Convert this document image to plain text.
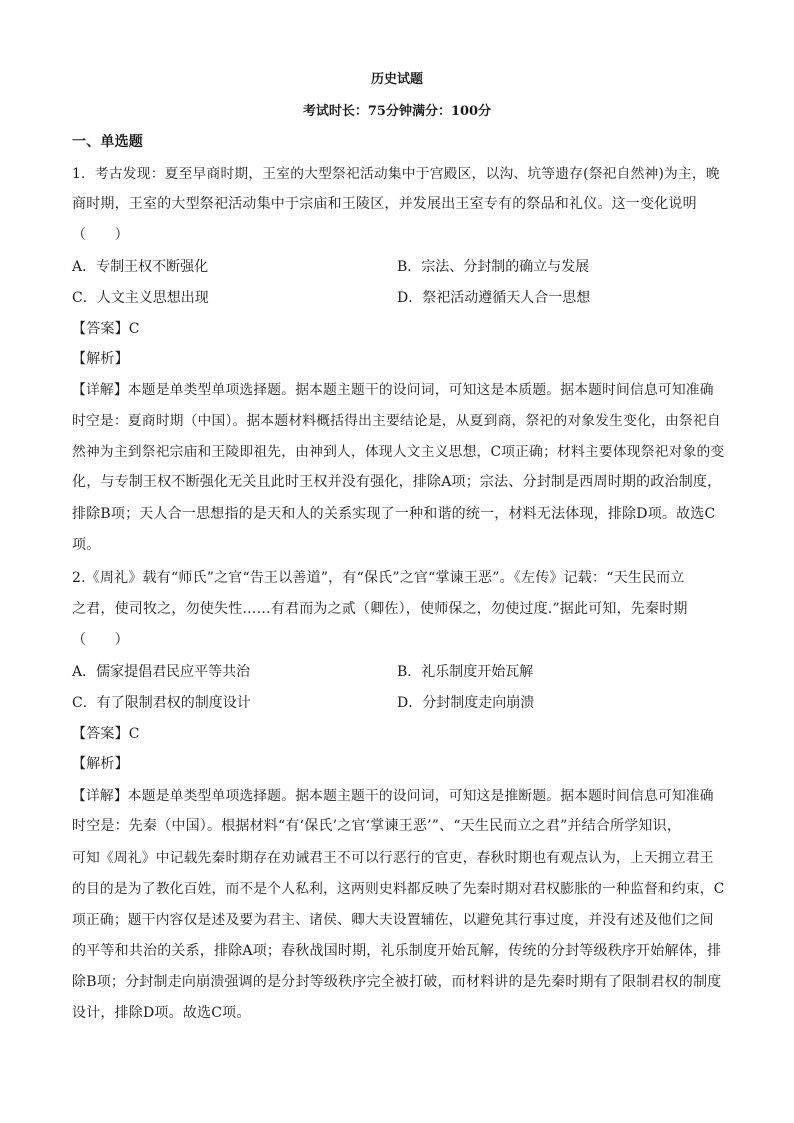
历史试题
考试时长：75分钟满分：100分
一、单选题
1．考古发现：夏至早商时期，王室的大型祭祀活动集中于宫殿区，以沟、坑等遗存(祭祀自然神)为主，晚
商时期，王室的大型祭祀活动集中于宗庙和王陵区，并发展出王室专有的祭品和礼仪。这一变化说明
（　　）
A．专制王权不断强化	B．宗法、分封制的确立与发展
C．人文主义思想出现	D．祭祀活动遵循天人合一思想
【答案】C
【解析】
【详解】本题是单类型单项选择题。据本题主题干的设问词，可知这是本质题。据本题时间信息可知准确
时空是：夏商时期（中国）。据本题材料概括得出主要结论是，从夏到商，祭祀的对象发生变化，由祭祀自
然神为主到祭祀宗庙和王陵即祖先，由神到人，体现人文主义思想，C项正确；材料主要体现祭祀对象的变
化，与专制王权不断强化无关且此时王权并没有强化，排除A项；宗法、分封制是西周时期的政治制度，
排除B项；天人合一思想指的是天和人的关系实现了一种和谐的统一，材料无法体现，排除D项。故选C
项。
2.《周礼》载有“师氏”之官“告王以善道”，有“保氏”之官“掌谏王恶”。《左传》记载：“天生民而立
之君，使司牧之，勿使失性……有君而为之贰（卿佐），使师保之，勿使过度.”据此可知，先秦时期
（　　）
A．儒家提倡君民应平等共治	B．礼乐制度开始瓦解
C．有了限制君权的制度设计	D．分封制度走向崩溃
【答案】C
【解析】
【详解】本题是单类型单项选择题。据本题主题干的设问词，可知这是推断题。据本题时间信息可知准确
时空是：先秦（中国）。根据材料“有‘保氏’之官‘掌谏王恶’”、“天生民而立之君”并结合所学知识，
可知《周礼》中记载先秦时期存在劝诫君王不可以行恶行的官吏，春秋时期也有观点认为，上天拥立君王
的目的是为了教化百姓，而不是个人私利，这两则史料都反映了先秦时期对君权膨胀的一种监督和约束，C
项正确；题干内容仅是述及要为君主、诸侯、卿大夫设置辅佐，以避免其行事过度，并没有述及他们之间
的平等和共治的关系，排除A项；春秋战国时期，礼乐制度开始瓦解，传统的分封等级秩序开始解体，排
除B项；分封制走向崩溃强调的是分封等级秩序完全被打破，而材料讲的是先秦时期有了限制君权的制度
设计，排除D项。故选C项。
